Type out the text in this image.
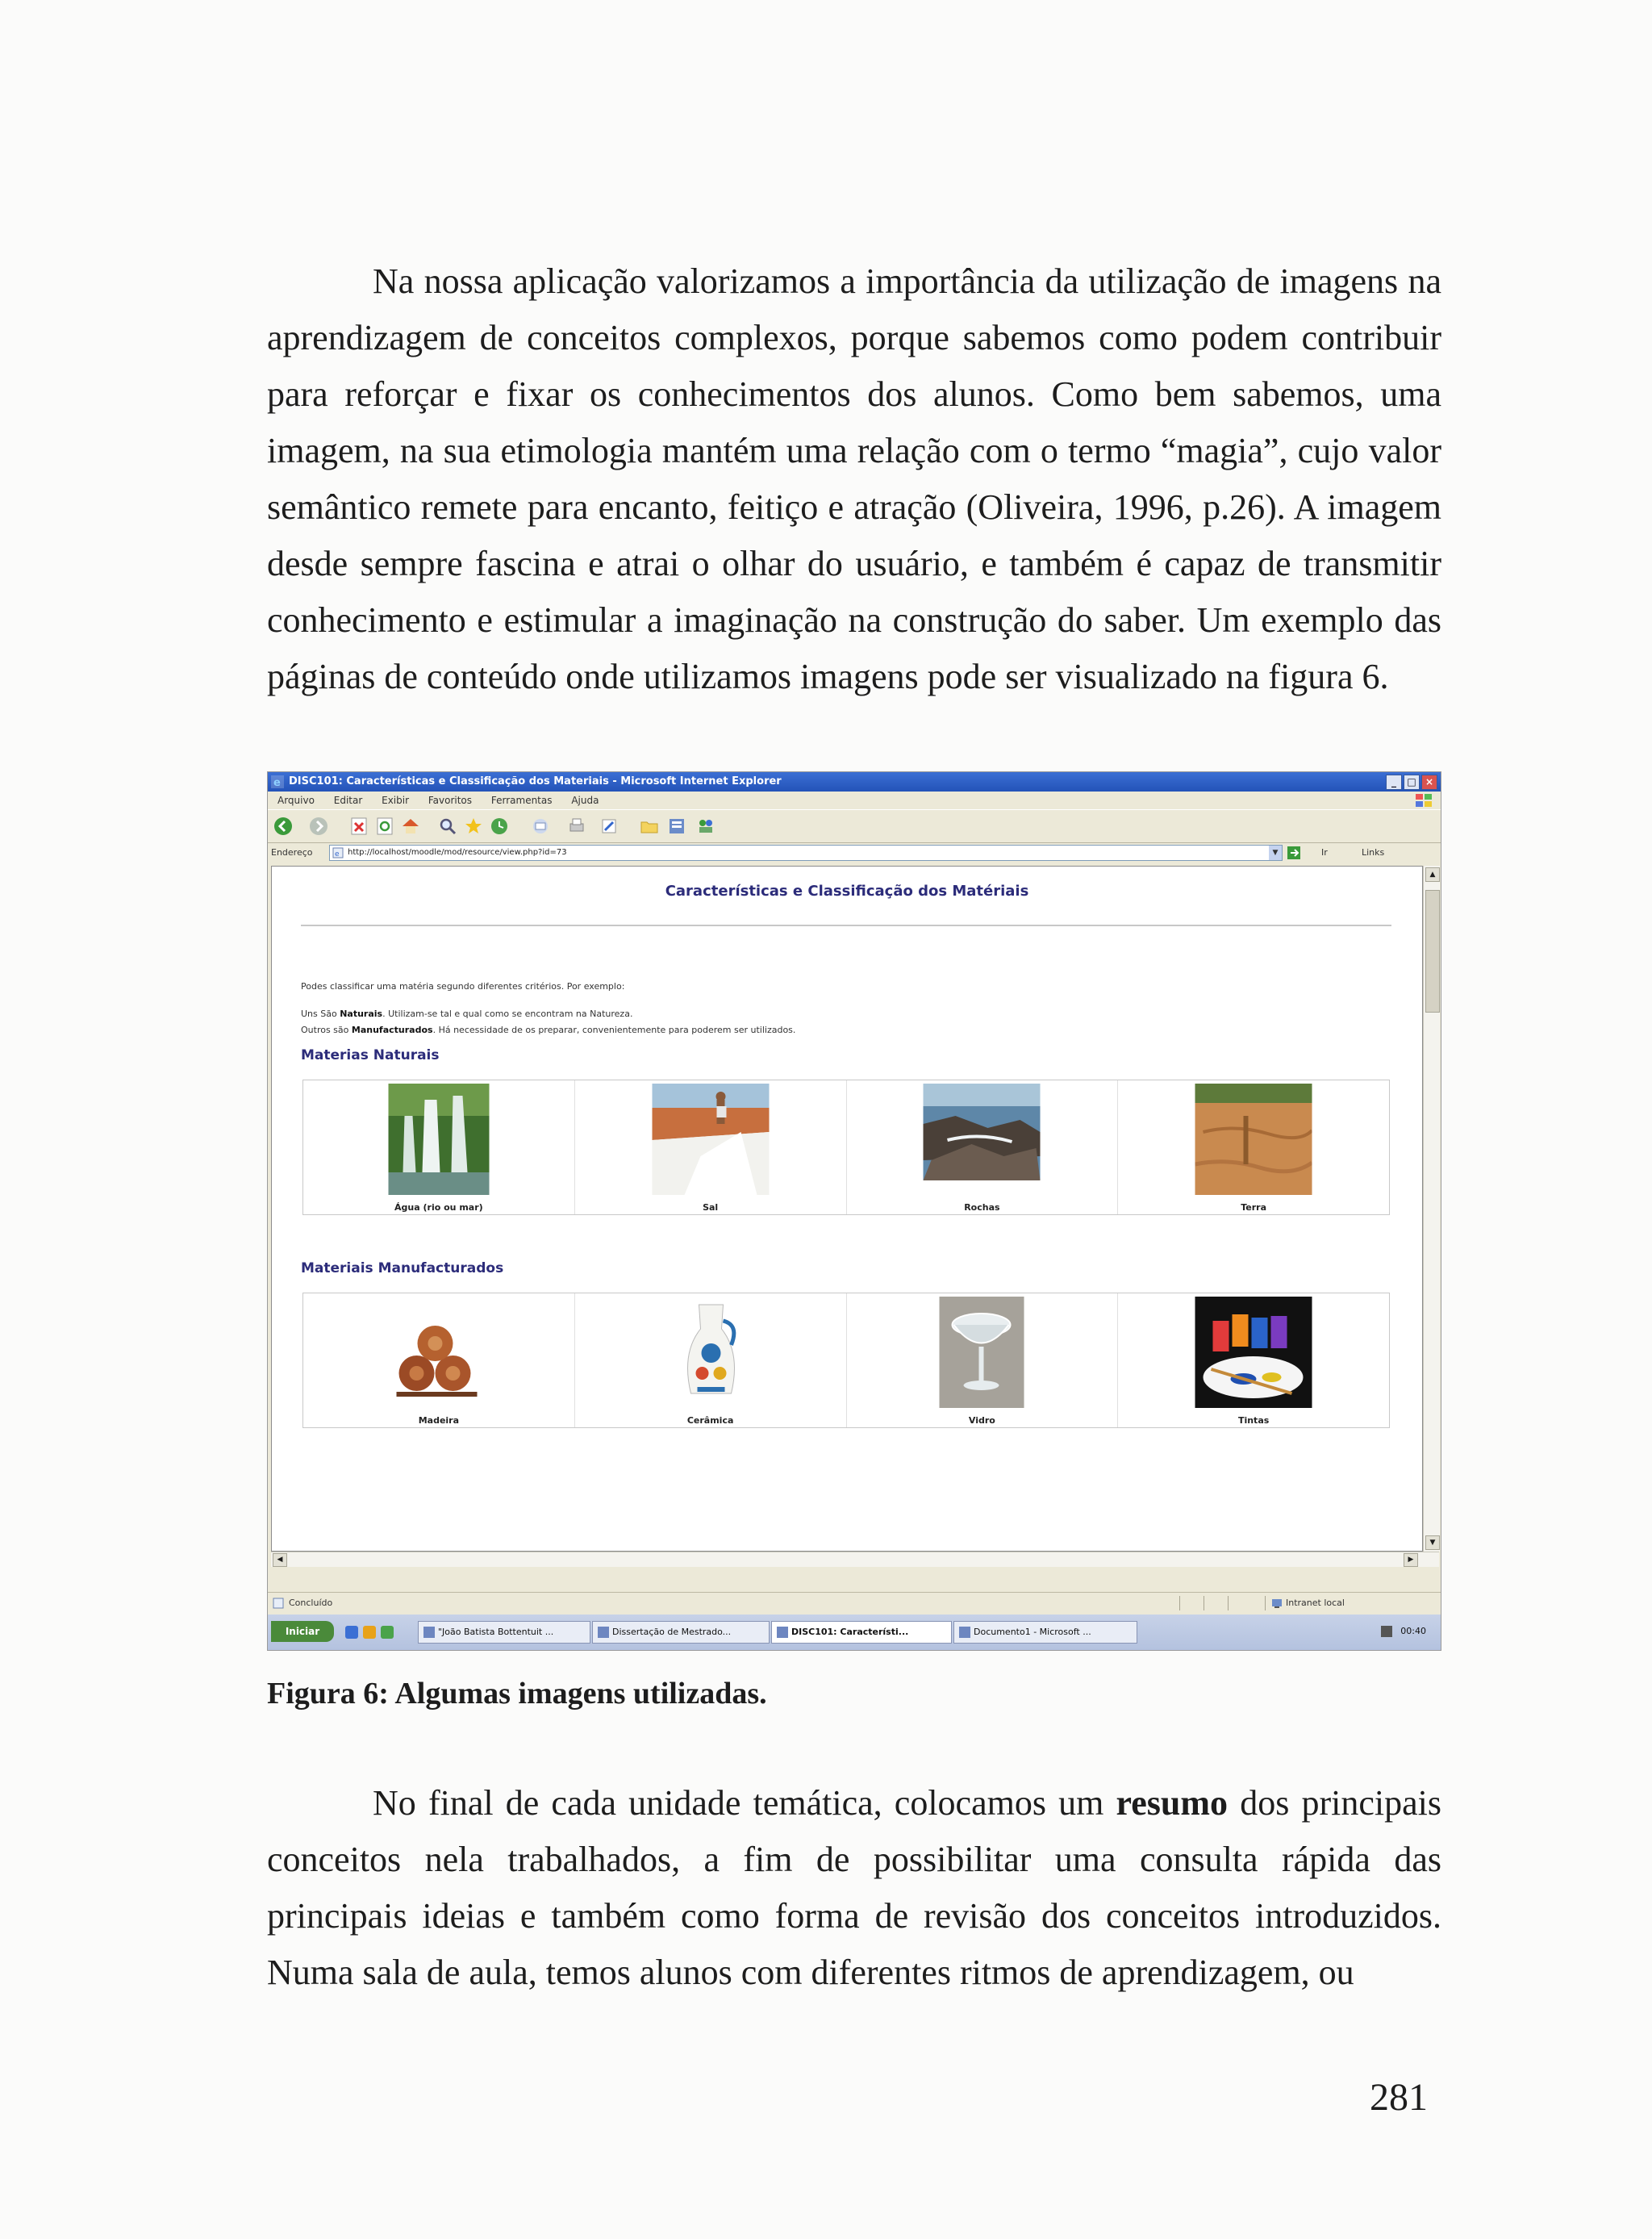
Na nossa aplicação valorizamos a importância da utilização de imagens na aprendizagem de conceitos complexos, porque sabemos como podem contribuir para reforçar e fixar os conhecimentos dos alunos. Como bem sabemos, uma imagem, na sua etimologia mantém uma relação com o termo “magia”, cujo valor semântico remete para encanto, feitiço e atração (Oliveira, 1996, p.26). A imagem desde sempre fascina e atrai o olhar do usuário, e também é capaz de transmitir conhecimento e estimular a imaginação na construção do saber. Um exemplo das páginas de conteúdo onde utilizamos imagens pode ser visualizado na figura 6.

e DISC101: Características e Classificação dos Materiais - Microsoft Internet Explorer	_	□ ×
Arquivo Editar Exibir Favoritos Ferramentas Ajuda
Endereço	e http://localhost/moodle/mod/resource/view.php?id=73	▼	Ir	Links
Características e Classificação dos Matériais
Podes classificar uma matéria segundo diferentes critérios. Por exemplo:
Uns São Naturais. Utilizam-se tal e qual como se encontram na Natureza.
Outros são Manufacturados. Há necessidade de os preparar, convenientemente para poderem ser utilizados.
Materias Naturais
Água (rio ou mar)	Sal	Rochas	Terra
Materiais Manufacturados
Madeira	Cerâmica	Vidro	Tintas
▲
▼
◀	▶
Concluído	Intranet local
Iniciar	"João Batista Bottentuit ...	Dissertação de Mestrado...	DISC101: Característi...	Documento1 - Microsoft ...	00:40

Figura 6: Algumas imagens utilizadas.

No final de cada unidade temática, colocamos um resumo dos principais conceitos nela trabalhados, a fim de possibilitar uma consulta rápida das principais ideias e também como forma de revisão dos conceitos introduzidos. Numa sala de aula, temos alunos com diferentes ritmos de aprendizagem, ou

281
